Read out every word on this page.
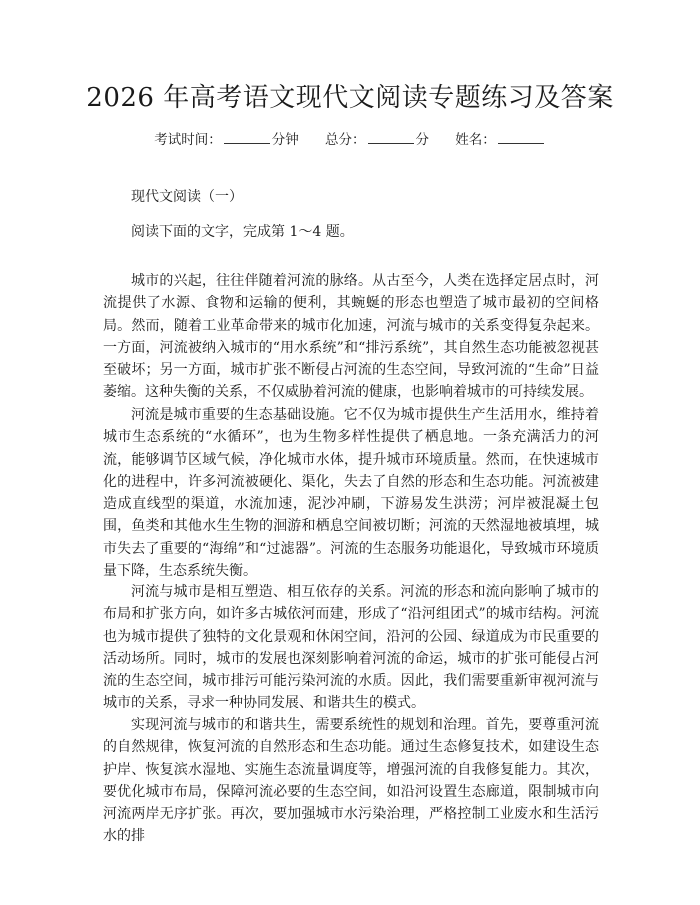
2026 年高考语文现代文阅读专题练习及答案
考试时间：	分钟 总分：	分 姓名：
现代文阅读（一）
阅读下面的文字，完成第 1～4 题。

城市的兴起，往往伴随着河流的脉络。从古至今，人类在选择定居点时，河流提供了水源、食物和运输的便利，其蜿蜒的形态也塑造了城市最初的空间格局。然而，随着工业革命带来的城市化加速，河流与城市的关系变得复杂起来。一方面，河流被纳入城市的“用水系统”和“排污系统”，其自然生态功能被忽视甚至破坏；另一方面，城市扩张不断侵占河流的生态空间，导致河流的“生命”日益萎缩。这种失衡的关系，不仅威胁着河流的健康，也影响着城市的可持续发展。

河流是城市重要的生态基础设施。它不仅为城市提供生产生活用水，维持着城市生态系统的“水循环”，也为生物多样性提供了栖息地。一条充满活力的河流，能够调节区域气候，净化城市水体，提升城市环境质量。然而，在快速城市化的进程中，许多河流被硬化、渠化，失去了自然的形态和生态功能。河流被建造成直线型的渠道，水流加速，泥沙冲刷，下游易发生洪涝；河岸被混凝土包围，鱼类和其他水生生物的洄游和栖息空间被切断；河流的天然湿地被填埋，城市失去了重要的“海绵”和“过滤器”。河流的生态服务功能退化，导致城市环境质量下降，生态系统失衡。

河流与城市是相互塑造、相互依存的关系。河流的形态和流向影响了城市的布局和扩张方向，如许多古城依河而建，形成了“沿河组团式”的城市结构。河流也为城市提供了独特的文化景观和休闲空间，沿河的公园、绿道成为市民重要的活动场所。同时，城市的发展也深刻影响着河流的命运，城市的扩张可能侵占河流的生态空间，城市排污可能污染河流的水质。因此，我们需要重新审视河流与城市的关系，寻求一种协同发展、和谐共生的模式。

实现河流与城市的和谐共生，需要系统性的规划和治理。首先，要尊重河流的自然规律，恢复河流的自然形态和生态功能。通过生态修复技术，如建设生态护岸、恢复滨水湿地、实施生态流量调度等，增强河流的自我修复能力。其次，要优化城市布局，保障河流必要的生态空间，如沿河设置生态廊道，限制城市向河流两岸无序扩张。再次，要加强城市水污染治理，严格控制工业废水和生活污水的排
